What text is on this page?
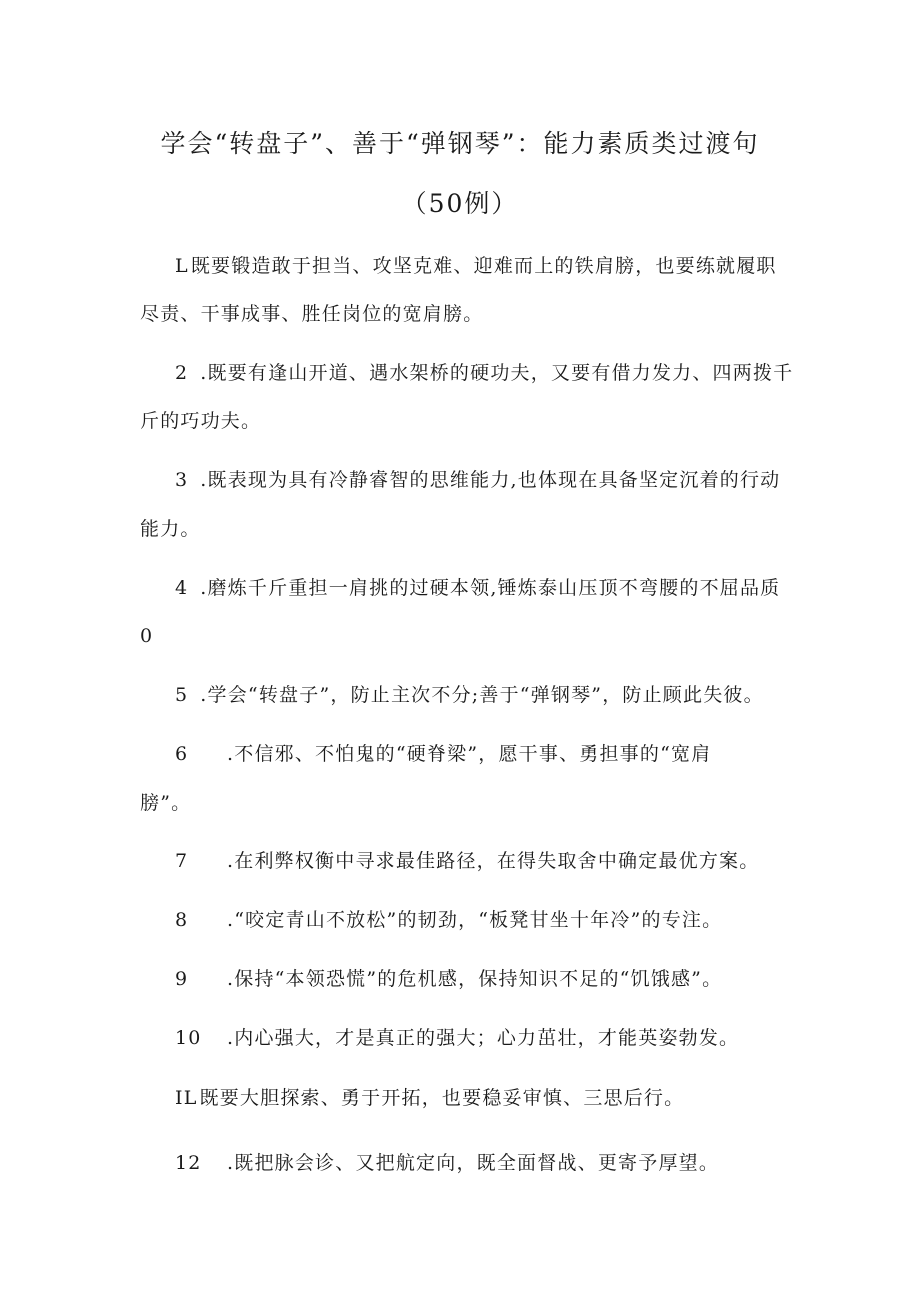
学会“转盘子”、善于“弹钢琴”：能力素质类过渡句
（50例）
L 既要锻造敢于担当、攻坚克难、迎难而上的铁肩膀，也要练就履职
尽责、干事成事、胜任岗位的宽肩膀。
2 .既要有逢山开道、遇水架桥的硬功夫，又要有借力发力、四两拨千
斤的巧功夫。
3 .既表现为具有冷静睿智的思维能力,也体现在具备坚定沉着的行动
能力。
4 .磨炼千斤重担一肩挑的过硬本领,锤炼泰山压顶不弯腰的不屈品质
0
5 .学会“转盘子”，防止主次不分;善于“弹钢琴”，防止顾此失彼。
6 .不信邪、不怕鬼的“硬脊梁”，愿干事、勇担事的“宽肩
膀”。
7 .在利弊权衡中寻求最佳路径，在得失取舍中确定最优方案。
8 .“咬定青山不放松”的韧劲，“板凳甘坐十年冷”的专注。
9 .保持“本领恐慌”的危机感，保持知识不足的“饥饿感”。
10 .内心强大，才是真正的强大；心力茁壮，才能英姿勃发。
IL 既要大胆探索、勇于开拓，也要稳妥审慎、三思后行。
12 .既把脉会诊、又把航定向，既全面督战、更寄予厚望。
